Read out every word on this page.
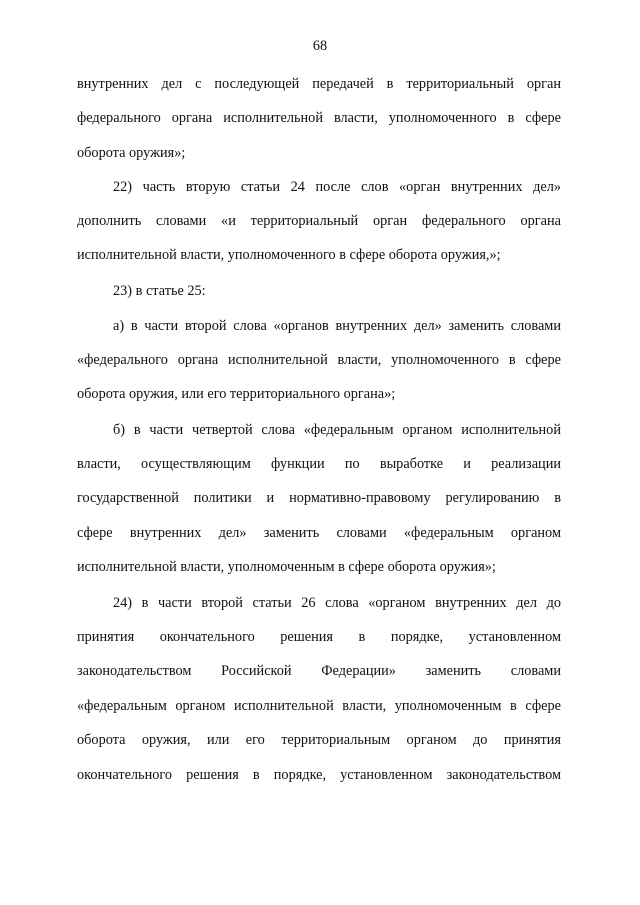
68
внутренних дел с последующей передачей в территориальный орган
федерального органа исполнительной власти, уполномоченного в сфере
оборота оружия»;
22) часть вторую статьи 24 после слов «орган внутренних дел»
дополнить словами «и территориальный орган федерального органа
исполнительной власти, уполномоченного в сфере оборота оружия,»;
23) в статье 25:
а) в части второй слова «органов внутренних дел» заменить словами
«федерального органа исполнительной власти, уполномоченного в сфере
оборота оружия, или его территориального органа»;
б) в части четвертой слова «федеральным органом исполнительной
власти, осуществляющим функции по выработке и реализации
государственной политики и нормативно-правовому регулированию в
сфере внутренних дел» заменить словами «федеральным органом
исполнительной власти, уполномоченным в сфере оборота оружия»;
24) в части второй статьи 26 слова «органом внутренних дел до
принятия окончательного решения в порядке, установленном
законодательством Российской Федерации» заменить словами
«федеральным органом исполнительной власти, уполномоченным в сфере
оборота оружия, или его территориальным органом до принятия
окончательного решения в порядке, установленном законодательством
